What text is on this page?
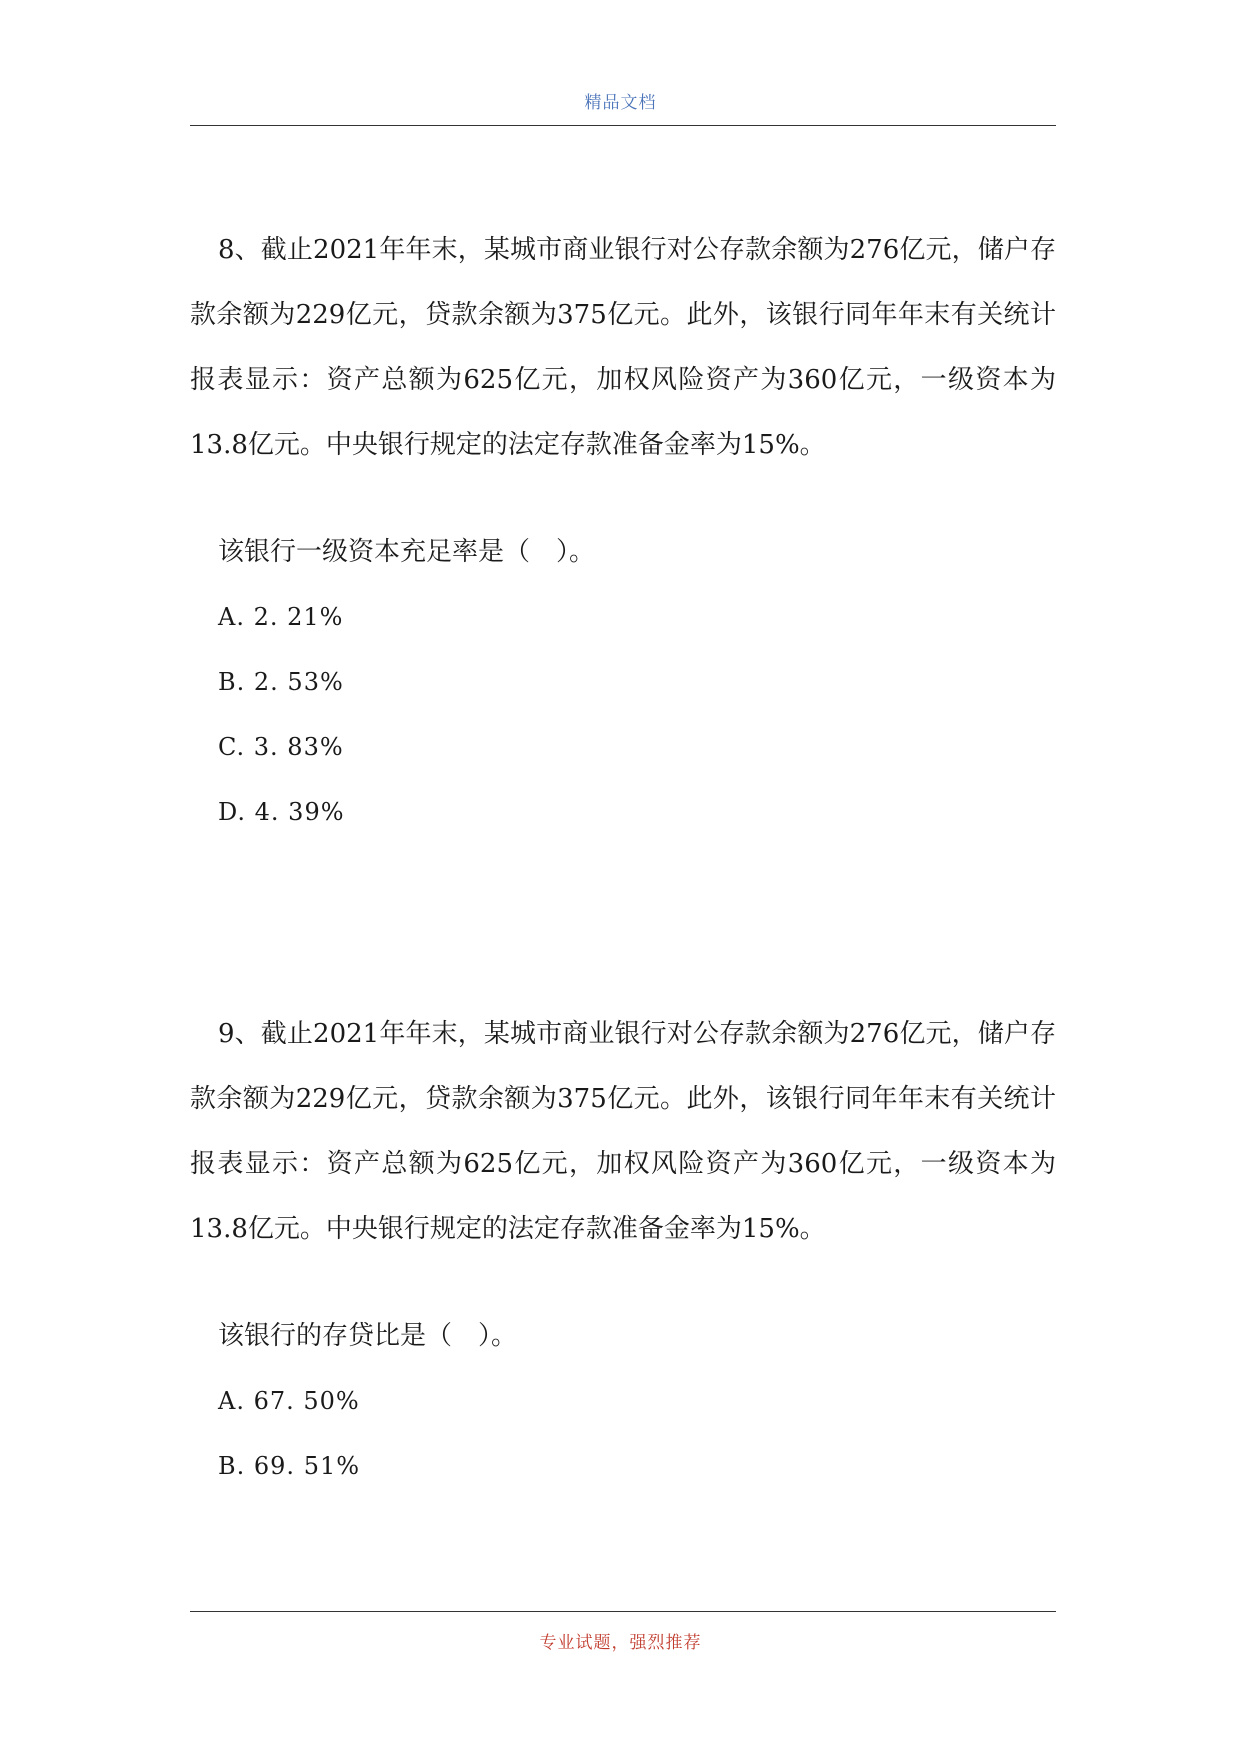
精品文档

8、截止2021年年末，某城市商业银行对公存款余额为276亿元，储户存款余额为229亿元，贷款余额为375亿元。此外，该银行同年年末有关统计报表显示：资产总额为625亿元，加权风险资产为360亿元，一级资本为13.8亿元。中央银行规定的法定存款准备金率为15%。

该银行一级资本充足率是（　）。
A. 2. 21%
B. 2. 53%
C. 3. 83%
D. 4. 39%

9、截止2021年年末，某城市商业银行对公存款余额为276亿元，储户存款余额为229亿元，贷款余额为375亿元。此外，该银行同年年末有关统计报表显示：资产总额为625亿元，加权风险资产为360亿元，一级资本为13.8亿元。中央银行规定的法定存款准备金率为15%。

该银行的存贷比是（　）。
A. 67. 50%
B. 69. 51%
专业试题，强烈推荐
